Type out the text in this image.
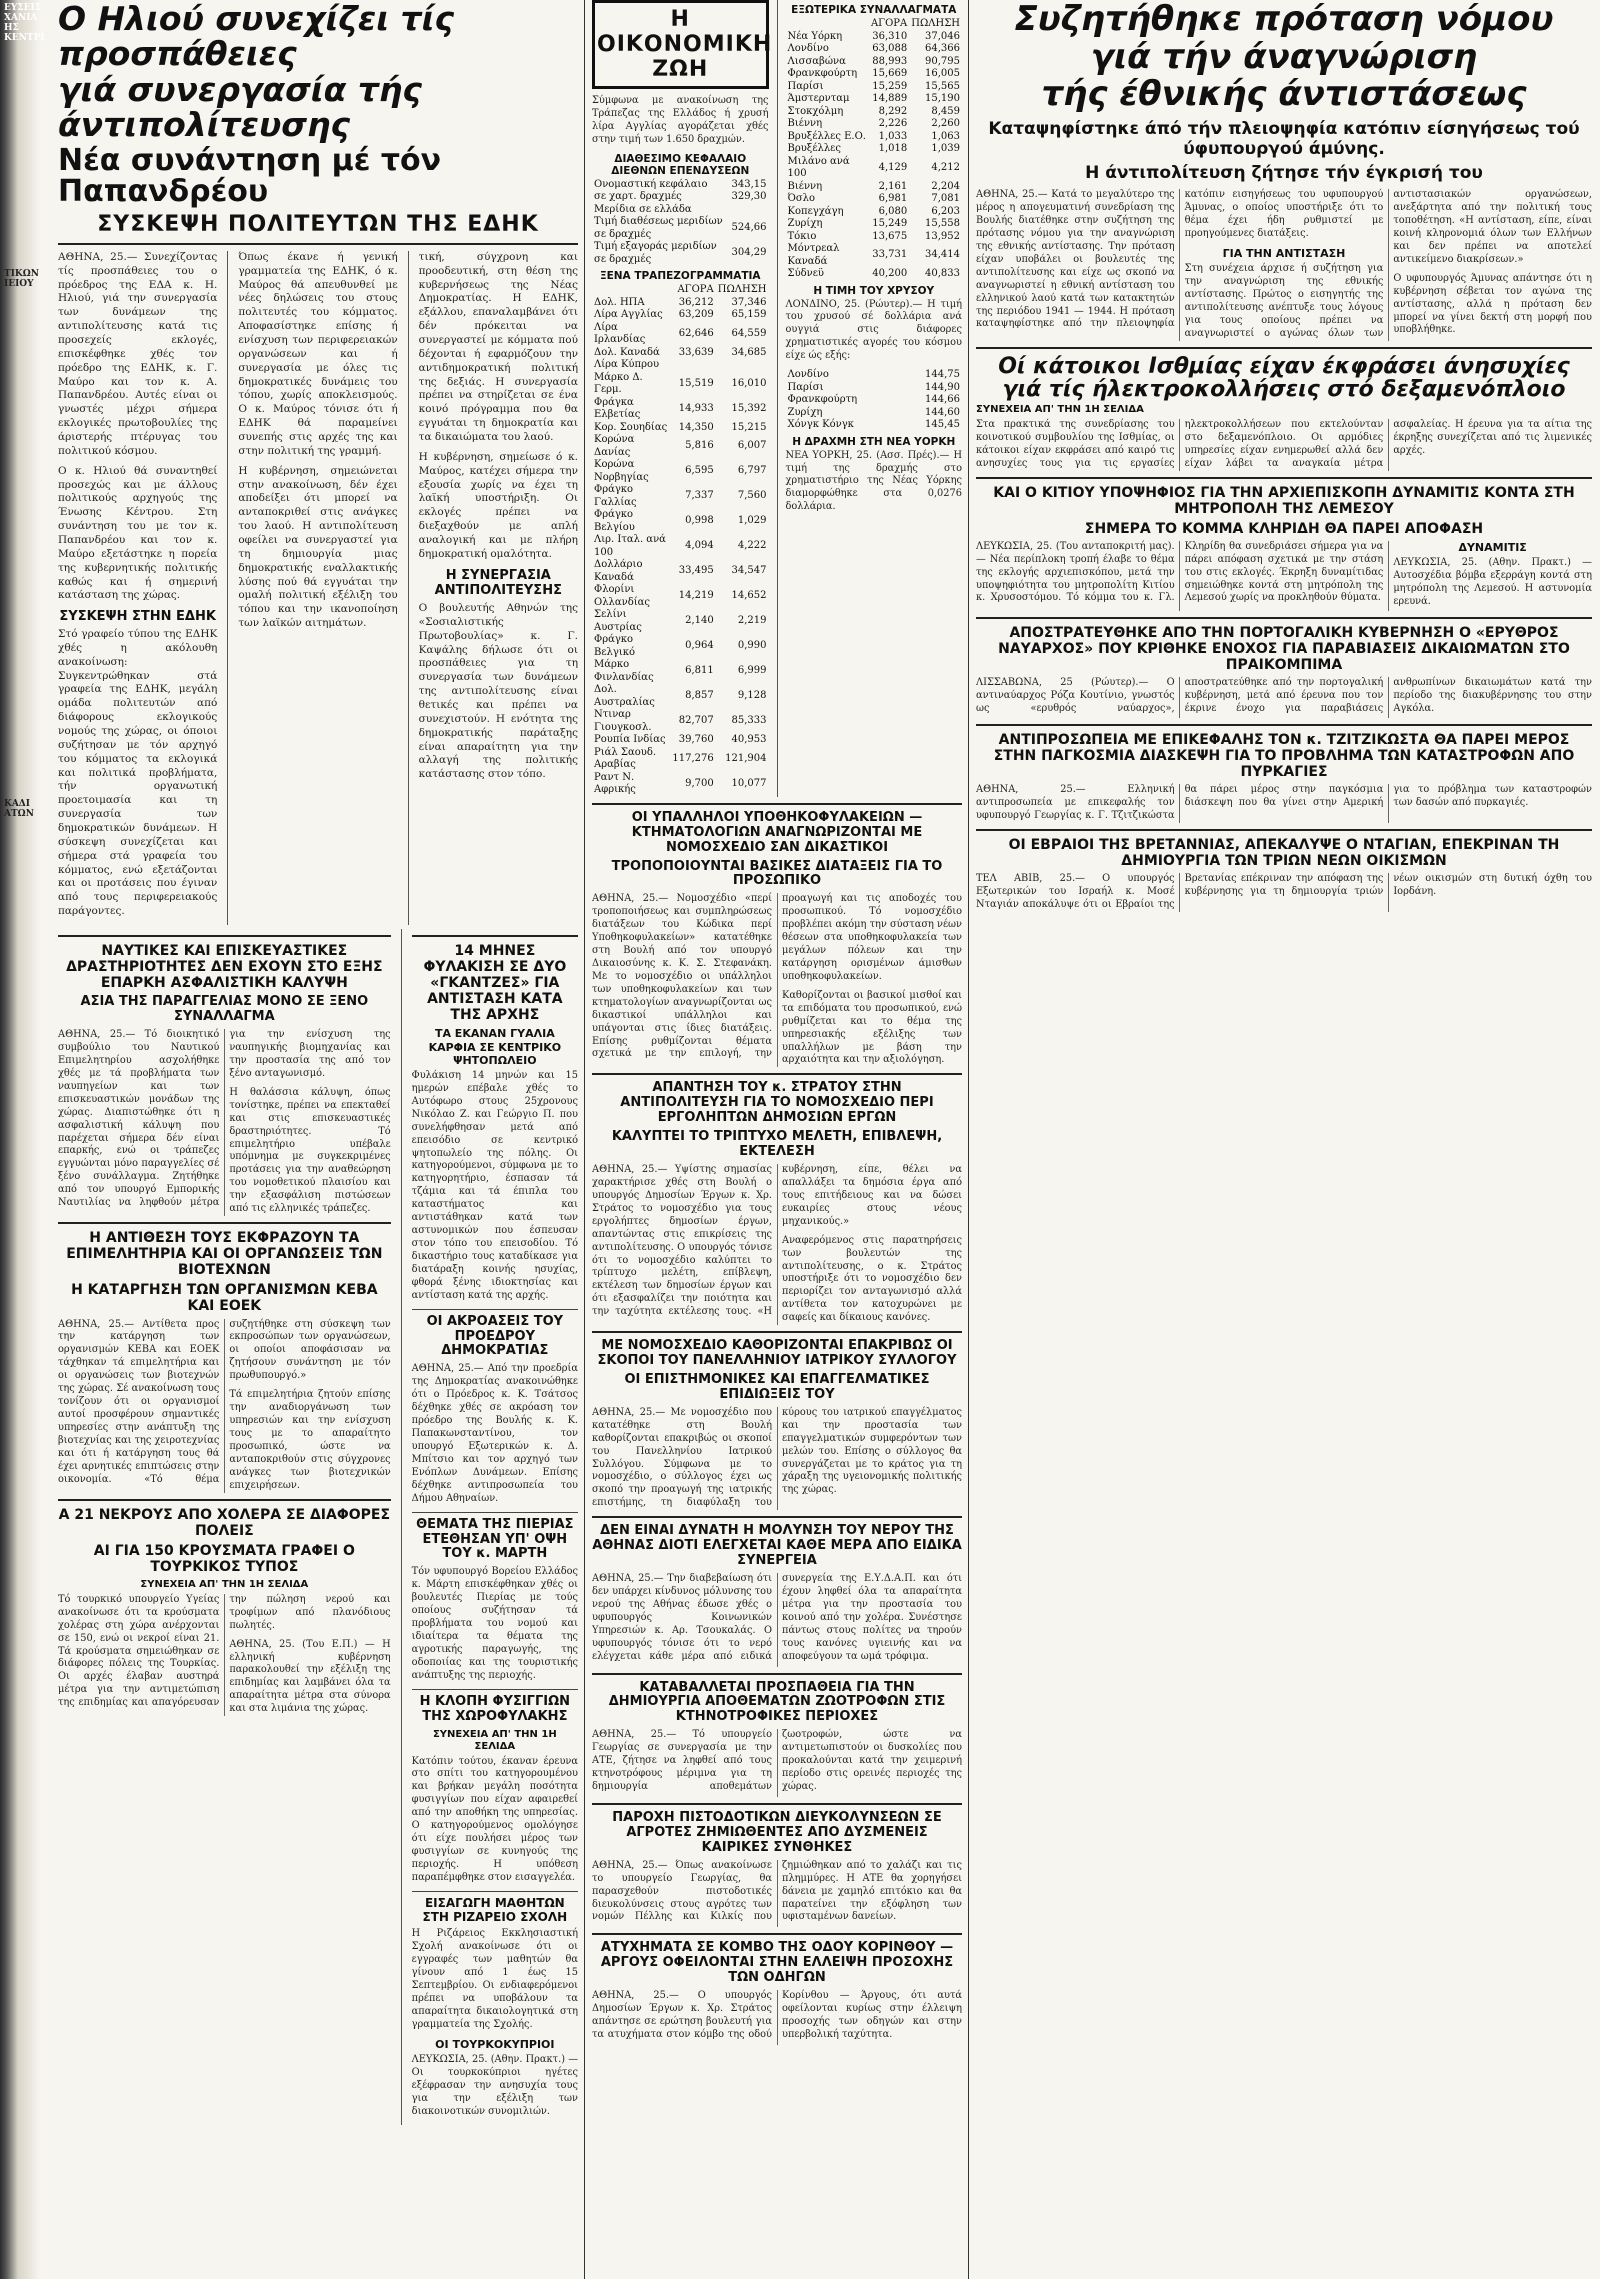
ΕΥΣΕΙΣ
ΧΑΝΙΑ
ΗΣ
ΚΕΝΤΡΙ
ΤΙΚΩΝ
ΙΕΙΟΥ
ΚΑΔΙ
ΑΤΩΝ
Ο Ηλιού συνεχίζει τίς προσπάθειες
γιά συνεργασία τής άντιπολίτευσης
Νέα συνάντηση μέ τόν Παπανδρέου
ΣΥΣΚΕΨΗ ΠΟΛΙΤΕΥΤΩΝ ΤΗΣ ΕΔΗΚ

ΑΘΗΝΑ, 25.— Συνεχίζοντας τίς προσπάθειες του ο πρόεδρος της ΕΔΑ κ. Η. Ηλιού, γιά την συνεργασία των δυνάμεων της αντιπολίτευσης κατά τις προσεχείς εκλογές, επισκέφθηκε χθές τον πρόεδρο της ΕΔΗΚ, κ. Γ. Μαύρο και τον κ. Α. Παπανδρέου. Αυτές είναι οι γνωστές μέχρι σήμερα εκλογικές πρωτοβουλίες της άριστερής πτέρυγας του πολιτικού κόσμου.

Ο κ. Ηλιού θά συναντηθεί προσεχώς και με άλλους πολιτικούς αρχηγούς της Ένωσης Κέντρου. Στη συνάντηση του με τον κ. Παπανδρέου και τον κ. Μαύρο εξετάστηκε η πορεία της κυβερνητικής πολιτικής καθώς και ή σημερινή κατάσταση της χώρας.

ΣΥΣΚΕΨΗ ΣΤΗΝ ΕΔΗΚ

Στό γραφείο τύπου της ΕΔΗΚ χθές η ακόλουθη ανακοίνωση: Συγκεντρώθηκαν στά γραφεία της ΕΔΗΚ, μεγάλη ομάδα πολιτευτών από διάφορους εκλογικούς νομούς της χώρας, οι όποιοι συζήτησαν με τόν αρχηγό του κόμματος τα εκλογικά και πολιτικά προβλήματα, τήν οργανωτική προετοιμασία και τη συνεργασία των δημοκρατικών δυνάμεων. Η σύσκεψη συνεχίζεται και σήμερα στά γραφεία του κόμματος, ενώ εξετάζονται και οι προτάσεις που έγιναν από τους περιφερειακούς παράγοντες.

Όπως έκανε ή γενική γραμματεία της ΕΔΗΚ, ό κ. Μαύρος θά απευθυνθεί με νέες δηλώσεις του στους πολιτευτές του κόμματος. Αποφασίστηκε επίσης ή ενίσχυση των περιφερειακών οργανώσεων και ή συνεργασία με όλες τις δημοκρατικές δυνάμεις του τόπου, χωρίς αποκλεισμούς. Ο κ. Μαύρος τόνισε ότι ή ΕΔΗΚ θά παραμείνει συνεπής στις αρχές της και στην πολιτική της γραμμή.

Η κυβέρνηση, σημειώνεται στην ανακοίνωση, δέν έχει αποδείξει ότι μπορεί να ανταποκριθεί στις ανάγκες του λαού. Η αντιπολίτευση οφείλει να συνεργαστεί για τη δημιουργία μιας δημοκρατικής εναλλακτικής λύσης πού θά εγγυάται την ομαλή πολιτική εξέλιξη του τόπου και την ικανοποίηση των λαϊκών αιτημάτων.

τική, σύγχρονη και προοδευτική, στη θέση της κυβερνήσεως της Νέας Δημοκρατίας. Η ΕΔΗΚ, εξάλλου, επαναλαμβάνει ότι δέν πρόκειται να συνεργαστεί με κόμματα πού δέχονται ή εφαρμόζουν την αντιδημοκρατική πολιτική της δεξιάς. Η συνεργασία πρέπει να στηρίζεται σε ένα κοινό πρόγραμμα που θα εγγυάται τη δημοκρατία και τα δικαιώματα του λαού.

Η κυβέρνηση, σημείωσε ό κ. Μαύρος, κατέχει σήμερα την εξουσία χωρίς να έχει τη λαϊκή υποστήριξη. Οι εκλογές πρέπει να διεξαχθούν με απλή αναλογική και με πλήρη δημοκρατική ομαλότητα.

Η ΣΥΝΕΡΓΑΣΙΑ ΑΝΤΙΠΟΛΙΤΕΥΣΗΣ

Ο βουλευτής Αθηνών της «Σοσιαλιστικής Πρωτοβουλίας» κ. Γ. Καψάλης δήλωσε ότι οι προσπάθειες για τη συνεργασία των δυνάμεων της αντιπολίτευσης είναι θετικές και πρέπει να συνεχιστούν. Η ενότητα της δημοκρατικής παράταξης είναι απαραίτητη για την αλλαγή της πολιτικής κατάστασης στον τόπο.

ΝΑΥΤΙΚΕΣ ΚΑΙ ΕΠΙΣΚΕΥΑΣΤΙΚΕΣ ΔΡΑΣΤΗΡΙΟΤΗΤΕΣ ΔΕΝ ΕΧΟΥΝ ΣΤΟ ΕΞΗΣ ΕΠΑΡΚΗ ΑΣΦΑΛΙΣΤΙΚΗ ΚΑΛΥΨΗ
ΑΣΙΑ ΤΗΣ ΠΑΡΑΓΓΕΛΙΑΣ ΜΟΝΟ ΣΕ ΞΕΝΟ ΣΥΝΑΛΛΑΓΜΑ

ΑΘΗΝΑ, 25.— Τό διοικητικό συμβούλιο του Ναυτικού Επιμελητηρίου ασχολήθηκε χθές με τά προβλήματα των ναυπηγείων και των επισκευαστικών μονάδων της χώρας. Διαπιστώθηκε ότι η ασφαλιστική κάλυψη που παρέχεται σήμερα δέν είναι επαρκής, ενώ οι τράπεζες εγγυώνται μόνο παραγγελίες σέ ξένο συνάλλαγμα. Ζητήθηκε από τον υπουργό Εμπορικής Ναυτιλίας να ληφθούν μέτρα για την ενίσχυση της ναυπηγικής βιομηχανίας και την προστασία της από τον ξένο ανταγωνισμό.

Η θαλάσσια κάλυψη, όπως τονίστηκε, πρέπει να επεκταθεί και στις επισκευαστικές δραστηριότητες. Τό επιμελητήριο υπέβαλε υπόμνημα με συγκεκριμένες προτάσεις για την αναθεώρηση του νομοθετικού πλαισίου και την εξασφάλιση πιστώσεων από τις ελληνικές τράπεζες.

Η ΑΝΤΙΘΕΣΗ ΤΟΥΣ ΕΚΦΡΑΖΟΥΝ ΤΑ ΕΠΙΜΕΛΗΤΗΡΙΑ ΚΑΙ ΟΙ ΟΡΓΑΝΩΣΕΙΣ ΤΩΝ ΒΙΟΤΕΧΝΩΝ
Η ΚΑΤΑΡΓΗΣΗ ΤΩΝ ΟΡΓΑΝΙΣΜΩΝ ΚΕΒΑ ΚΑΙ ΕΟΕΚ

ΑΘΗΝΑ, 25.— Αντίθετα προς την κατάργηση των οργανισμών ΚΕΒΑ και ΕΟΕΚ τάχθηκαν τά επιμελητήρια και οι οργανώσεις των βιοτεχνών της χώρας. Σέ ανακοίνωση τους τονίζουν ότι οι οργανισμοί αυτοί προσφέρουν σημαντικές υπηρεσίες στην ανάπτυξη της βιοτεχνίας και της χειροτεχνίας και ότι ή κατάργηση τους θά έχει αρνητικές επιπτώσεις στην οικονομία. «Τό θέμα συζητήθηκε στη σύσκεψη των εκπροσώπων των οργανώσεων, οι οποίοι αποφάσισαν να ζητήσουν συνάντηση με τόν πρωθυπουργό.»

Τά επιμελητήρια ζητούν επίσης την αναδιοργάνωση των υπηρεσιών και την ενίσχυση τους με το απαραίτητο προσωπικό, ώστε να ανταποκριθούν στις σύγχρονες ανάγκες των βιοτεχνικών επιχειρήσεων.

Α 21 ΝΕΚΡΟΥΣ ΑΠΟ ΧΟΛΕΡΑ ΣΕ ΔΙΑΦΟΡΕΣ ΠΟΛΕΙΣ
ΑΙ ΓΙΑ 150 ΚΡΟΥΣΜΑΤΑ ΓΡΑΦΕΙ Ο ΤΟΥΡΚΙΚΟΣ ΤΥΠΟΣ
ΣΥΝΕΧΕΙΑ ΑΠ' ΤΗΝ 1Η ΣΕΛΙΔΑ

Τό τουρκικό υπουργείο Υγείας ανακοίνωσε ότι τα κρούσματα χολέρας στη χώρα ανέρχονται σε 150, ενώ οι νεκροί είναι 21. Τά κρούσματα σημειώθηκαν σε διάφορες πόλεις της Τουρκίας. Οι αρχές έλαβαν αυστηρά μέτρα για την αντιμετώπιση της επιδημίας και απαγόρευσαν την πώληση νερού και τροφίμων από πλανόδιους πωλητές.

ΑΘΗΝΑ, 25. (Του Ε.Π.) — Η ελληνική κυβέρνηση παρακολουθεί την εξέλιξη της επιδημίας και λαμβάνει όλα τα απαραίτητα μέτρα στα σύνορα και στα λιμάνια της χώρας.

14 ΜΗΝΕΣ ΦΥΛΑΚΙΣΗ ΣΕ ΔΥΟ «ΓΚΑΝΤΖΕΣ» ΓΙΑ ΑΝΤΙΣΤΑΣΗ ΚΑΤΑ ΤΗΣ ΑΡΧΗΣ
ΤΑ ΕΚΑΝΑΝ ΓΥΑΛΙΑ ΚΑΡΦΙΑ ΣΕ ΚΕΝΤΡΙΚΟ ΨΗΤΟΠΩΛΕΙΟ

Φυλάκιση 14 μηνών και 15 ημερών επέβαλε χθές το Αυτόφωρο στους 25χρονους Νικόλαο Ζ. και Γεώργιο Π. που συνελήφθησαν μετά από επεισόδιο σε κεντρικό ψητοπωλείο της πόλης. Οι κατηγορούμενοι, σύμφωνα με το κατηγορητήριο, έσπασαν τά τζάμια και τά έπιπλα του καταστήματος και αντιστάθηκαν κατά των αστυνομικών που έσπευσαν στον τόπο του επεισοδίου. Τό δικαστήριο τους καταδίκασε για διατάραξη κοινής ησυχίας, φθορά ξένης ιδιοκτησίας και αντίσταση κατά της αρχής.

ΟΙ ΑΚΡΟΑΣΕΙΣ ΤΟΥ ΠΡΟΕΔΡΟΥ ΔΗΜΟΚΡΑΤΙΑΣ

ΑΘΗΝΑ, 25.— Από την προεδρία της Δημοκρατίας ανακοινώθηκε ότι ο Πρόεδρος κ. Κ. Τσάτσος δέχθηκε χθές σε ακρόαση τον πρόεδρο της Βουλής κ. Κ. Παπακωνσταντίνου, τον υπουργό Εξωτερικών κ. Δ. Μπίτσιο και τον αρχηγό των Ενόπλων Δυνάμεων. Επίσης δέχθηκε αντιπροσωπεία του Δήμου Αθηναίων.

ΘΕΜΑΤΑ ΤΗΣ ΠΙΕΡΙΑΣ ΕΤΕΘΗΣΑΝ ΥΠ' ΟΨΗ ΤΟΥ κ. ΜΑΡΤΗ

Τόν υφυπουργό Βορείου Ελλάδος κ. Μάρτη επισκέφθηκαν χθές οι βουλευτές Πιερίας με τούς οποίους συζήτησαν τά προβλήματα του νομού και ιδιαίτερα τα θέματα της αγροτικής παραγωγής, της οδοποιίας και της τουριστικής ανάπτυξης της περιοχής.

Η ΚΛΟΠΗ ΦΥΣΙΓΓΙΩΝ ΤΗΣ ΧΩΡΟΦΥΛΑΚΗΣ
ΣΥΝΕΧΕΙΑ ΑΠ' ΤΗΝ 1Η ΣΕΛΙΔΑ

Κατόπιν τούτου, έκαναν έρευνα στο σπίτι του κατηγορουμένου και βρήκαν μεγάλη ποσότητα φυσιγγίων που είχαν αφαιρεθεί από την αποθήκη της υπηρεσίας. Ο κατηγορούμενος ομολόγησε ότι είχε πουλήσει μέρος των φυσιγγίων σε κυνηγούς της περιοχής. Η υπόθεση παραπέμφθηκε στον εισαγγελέα.

ΕΙΣΑΓΩΓΗ ΜΑΘΗΤΩΝ ΣΤΗ ΡΙΖΑΡΕΙΟ ΣΧΟΛΗ

Η Ριζάρειος Εκκλησιαστική Σχολή ανακοίνωσε ότι οι εγγραφές των μαθητών θα γίνουν από 1 έως 15 Σεπτεμβρίου. Οι ενδιαφερόμενοι πρέπει να υποβάλουν τα απαραίτητα δικαιολογητικά στη γραμματεία της Σχολής.

ΟΙ ΤΟΥΡΚΟΚΥΠΡΙΟΙ

ΛΕΥΚΩΣΙΑ, 25. (Αθην. Πρακτ.) — Οι τουρκοκύπριοι ηγέτες εξέφρασαν την ανησυχία τους για την εξέλιξη των διακοινοτικών συνομιλιών.

Η ΟΙΚΟΝΟΜΙΚΗ ΖΩΗ

Σύμφωνα με ανακοίνωση της Τράπεζας της Ελλάδος ή χρυσή λίρα Αγγλίας αγοράζεται χθές στην τιμή των 1.650 δραχμών.

ΔΙΑΘΕΣΙΜΟ ΚΕΦΑΛΑΙΟ ΔΙΕΘΝΩΝ ΕΠΕΝΔΥΣΕΩΝ
Ονομαστική κεφάλαιο	343,15
σε χαρτ. δραχμές	329,30
Μερίδια σε ελλάδα	
Τιμή διαθέσεως μεριδίων σε δραχμές	524,66
Τιμή εξαγοράς μεριδίων σε δραχμές	304,29
ΞΕΝΑ ΤΡΑΠΕΖΟΓΡΑΜΜΑΤΙΑ
	ΑΓΟΡΑ	ΠΩΛΗΣΗ
Δολ. ΗΠΑ	36,212	37,346
Λίρα Αγγλίας	63,209	65,159
Λίρα Ιρλανδίας	62,646	64,559
Δολ. Καναδά	33,639	34,685
Λίρα Κύπρου		
Μάρκο Δ. Γερμ.	15,519	16,010
Φράγκα Ελβετίας	14,933	15,392
Κορ. Σουηδίας	14,350	15,215
Κορώνα Δανίας	5,816	6,007
Κορώνα Νορβηγίας	6,595	6,797
Φράγκο Γαλλίας	7,337	7,560
Φράγκο Βελγίου	0,998	1,029
Λιρ. Ιταλ. ανά 100	4,094	4,222
Δολλάριο Καναδά	33,495	34,547
Φλορίνι Ολλανδίας	14,219	14,652
Σελίνι Αυστρίας	2,140	2,219
Φράγκο Βελγικό	0,964	0,990
Μάρκο Φινλανδίας	6,811	6,999
Δολ. Αυστραλίας	8,857	9,128
Ντιναρ Γιουγκοσλ.	82,707	85,333
Ρουπία Ινδίας	39,760	40,953
Ριάλ Σαουδ. Αραβίας	117,276	121,904
Ραντ Ν. Αφρικής	9,700	10,077
ΕΞΩΤΕΡΙΚΑ ΣΥΝΑΛΛΑΓΜΑΤΑ
	ΑΓΟΡΑ	ΠΩΛΗΣΗ
Νέα Υόρκη	36,310	37,046
Λονδίνο	63,088	64,366
Λισσαβώνα	88,993	90,795
Φρανκφούρτη	15,669	16,005
Παρίσι	15,259	15,565
Άμστερνταμ	14,889	15,190
Στοκχόλμη	8,292	8,459
Βιέννη	2,226	2,260
Βρυξέλλες Ε.Ο.	1,033	1,063
Βρυξέλλες	1,018	1,039
Μιλάνο ανά 100	4,129	4,212
Βιέννη	2,161	2,204
Όσλο	6,981	7,081
Κοπεγχάγη	6,080	6,203
Ζυρίχη	15,249	15,558
Τόκιο	13,675	13,952
Μόντρεαλ Καναδά	33,731	34,414
Σύδνεϋ	40,200	40,833
Η ΤΙΜΗ ΤΟΥ ΧΡΥΣΟΥ

ΛΟΝΔΙΝΟ, 25. (Ρώυτερ).— Η τιμή του χρυσού σέ δολλάρια ανά ουγγιά στις διάφορες χρηματιστικές αγορές του κόσμου είχε ώς εξής:

Λονδίνο	144,75
Παρίσι	144,90
Φρανκφούρτη	144,66
Ζυρίχη	144,60
Χόνγκ Κόνγκ	145,45
Η ΔΡΑΧΜΗ ΣΤΗ ΝΕΑ ΥΟΡΚΗ

ΝΕΑ ΥΟΡΚΗ, 25. (Ασσ. Πρές).— Η τιμή της δραχμής στο χρηματιστήριο της Νέας Υόρκης διαμορφώθηκε στα 0,0276 δολλάρια.

ΟΙ ΥΠΑΛΛΗΛΟΙ ΥΠΟΘΗΚΟΦΥΛΑΚΕΙΩΝ — ΚΤΗΜΑΤΟΛΟΓΙΩΝ ΑΝΑΓΝΩΡΙΖΟΝΤΑΙ ΜΕ ΝΟΜΟΣΧΕΔΙΟ ΣΑΝ ΔΙΚΑΣΤΙΚΟΙ
ΤΡΟΠΟΠΟΙΟΥΝΤΑΙ ΒΑΣΙΚΕΣ ΔΙΑΤΑΞΕΙΣ ΓΙΑ ΤΟ ΠΡΟΣΩΠΙΚΟ

ΑΘΗΝΑ, 25.— Νομοσχέδιο «περί τροποποιήσεως και συμπληρώσεως διατάξεων του Κώδικα περί Υποθηκοφυλακείων» κατατέθηκε στη Βουλή από τον υπουργό Δικαιοσύνης κ. Κ. Σ. Στεφανάκη. Με το νομοσχέδιο οι υπάλληλοι των υποθηκοφυλακείων και των κτηματολογίων αναγνωρίζονται ως δικαστικοί υπάλληλοι και υπάγονται στις ίδιες διατάξεις. Επίσης ρυθμίζονται θέματα σχετικά με την επιλογή, την προαγωγή και τις αποδοχές του προσωπικού. Τό νομοσχέδιο προβλέπει ακόμη την σύσταση νέων θέσεων στα υποθηκοφυλακεία των μεγάλων πόλεων και την κατάργηση ορισμένων άμισθων υποθηκοφυλακείων.

Καθορίζονται οι βασικοί μισθοί και τα επιδόματα του προσωπικού, ενώ ρυθμίζεται και το θέμα της υπηρεσιακής εξέλιξης των υπαλλήλων με βάση την αρχαιότητα και την αξιολόγηση.

ΑΠΑΝΤΗΣΗ ΤΟΥ κ. ΣΤΡΑΤΟΥ ΣΤΗΝ ΑΝΤΙΠΟΛΙΤΕΥΣΗ ΓΙΑ ΤΟ ΝΟΜΟΣΧΕΔΙΟ ΠΕΡΙ ΕΡΓΟΛΗΠΤΩΝ ΔΗΜΟΣΙΩΝ ΕΡΓΩΝ
ΚΑΛΥΠΤΕΙ ΤΟ ΤΡΙΠΤΥΧΟ ΜΕΛΕΤΗ, ΕΠΙΒΛΕΨΗ, ΕΚΤΕΛΕΣΗ

ΑΘΗΝΑ, 25.— Υψίστης σημασίας χαρακτήρισε χθές στη Βουλή ο υπουργός Δημοσίων Έργων κ. Χρ. Στράτος το νομοσχέδιο για τους εργολήπτες δημοσίων έργων, απαντώντας στις επικρίσεις της αντιπολίτευσης. Ο υπουργός τόνισε ότι το νομοσχέδιο καλύπτει το τρίπτυχο μελέτη, επίβλεψη, εκτέλεση των δημοσίων έργων και ότι εξασφαλίζει την ποιότητα και την ταχύτητα εκτέλεσης τους. «Η κυβέρνηση, είπε, θέλει να απαλλάξει τα δημόσια έργα από τους επιτήδειους και να δώσει ευκαιρίες στους νέους μηχανικούς.»

Αναφερόμενος στις παρατηρήσεις των βουλευτών της αντιπολίτευσης, ο κ. Στράτος υποστήριξε ότι το νομοσχέδιο δεν περιορίζει τον ανταγωνισμό αλλά αντίθετα τον κατοχυρώνει με σαφείς και δίκαιους κανόνες.

ΜΕ ΝΟΜΟΣΧΕΔΙΟ ΚΑΘΟΡΙΖΟΝΤΑΙ ΕΠΑΚΡΙΒΩΣ ΟΙ ΣΚΟΠΟΙ ΤΟΥ ΠΑΝΕΛΛΗΝΙΟΥ ΙΑΤΡΙΚΟΥ ΣΥΛΛΟΓΟΥ
ΟΙ ΕΠΙΣΤΗΜΟΝΙΚΕΣ ΚΑΙ ΕΠΑΓΓΕΛΜΑΤΙΚΕΣ ΕΠΙΔΙΩΞΕΙΣ ΤΟΥ

ΑΘΗΝΑ, 25.— Με νομοσχέδιο που κατατέθηκε στη Βουλή καθορίζονται επακριβώς οι σκοποί του Πανελληνίου Ιατρικού Συλλόγου. Σύμφωνα με το νομοσχέδιο, ο σύλλογος έχει ως σκοπό την προαγωγή της ιατρικής επιστήμης, τη διαφύλαξη του κύρους του ιατρικού επαγγέλματος και την προστασία των επαγγελματικών συμφερόντων των μελών του. Επίσης ο σύλλογος θα συνεργάζεται με το κράτος για τη χάραξη της υγειονομικής πολιτικής της χώρας.

ΔΕΝ ΕΙΝΑΙ ΔΥΝΑΤΗ Η ΜΟΛΥΝΣΗ ΤΟΥ ΝΕΡΟΥ ΤΗΣ ΑΘΗΝΑΣ ΔΙΟΤΙ ΕΛΕΓΧΕΤΑΙ ΚΑΘΕ ΜΕΡΑ ΑΠΟ ΕΙΔΙΚΑ ΣΥΝΕΡΓΕΙΑ

ΑΘΗΝΑ, 25.— Την διαβεβαίωση ότι δεν υπάρχει κίνδυνος μόλυνσης του νερού της Αθήνας έδωσε χθές ο υφυπουργός Κοινωνικών Υπηρεσιών κ. Αρ. Τσουκαλάς. Ο υφυπουργός τόνισε ότι το νερό ελέγχεται κάθε μέρα από ειδικά συνεργεία της Ε.Υ.Δ.Α.Π. και ότι έχουν ληφθεί όλα τα απαραίτητα μέτρα για την προστασία του κοινού από την χολέρα. Συνέστησε πάντως στους πολίτες να τηρούν τους κανόνες υγιεινής και να αποφεύγουν τα ωμά τρόφιμα.

ΚΑΤΑΒΑΛΛΕΤΑΙ ΠΡΟΣΠΑΘΕΙΑ ΓΙΑ ΤΗΝ ΔΗΜΙΟΥΡΓΙΑ ΑΠΟΘΕΜΑΤΩΝ ΖΩΟΤΡΟΦΩΝ ΣΤΙΣ ΚΤΗΝΟΤΡΟΦΙΚΕΣ ΠΕΡΙΟΧΕΣ

ΑΘΗΝΑ, 25.— Τό υπουργείο Γεωργίας σε συνεργασία με την ΑΤΕ, ζήτησε να ληφθεί από τους κτηνοτρόφους μέριμνα για τη δημιουργία αποθεμάτων ζωοτροφών, ώστε να αντιμετωπιστούν οι δυσκολίες που προκαλούνται κατά την χειμερινή περίοδο στις ορεινές περιοχές της χώρας.

ΠΑΡΟΧΗ ΠΙΣΤΟΔΟΤΙΚΩΝ ΔΙΕΥΚΟΛΥΝΣΕΩΝ ΣΕ ΑΓΡΟΤΕΣ ΖΗΜΙΩΘΕΝΤΕΣ ΑΠΟ ΔΥΣΜΕΝΕΙΣ ΚΑΙΡΙΚΕΣ ΣΥΝΘΗΚΕΣ

ΑΘΗΝΑ, 25.— Όπως ανακοίνωσε το υπουργείο Γεωργίας, θα παρασχεθούν πιστοδοτικές διευκολύνσεις στους αγρότες των νομών Πέλλης και Κιλκίς που ζημιώθηκαν από το χαλάζι και τις πλημμύρες. Η ΑΤΕ θα χορηγήσει δάνεια με χαμηλό επιτόκιο και θα παρατείνει την εξόφληση των υφισταμένων δανείων.

ΑΤΥΧΗΜΑΤΑ ΣΕ ΚΟΜΒΟ ΤΗΣ ΟΔΟΥ ΚΟΡΙΝΘΟΥ — ΑΡΓΟΥΣ ΟΦΕΙΛΟΝΤΑΙ ΣΤΗΝ ΕΛΛΕΙΨΗ ΠΡΟΣΟΧΗΣ ΤΩΝ ΟΔΗΓΩΝ

ΑΘΗΝΑ, 25.— Ο υπουργός Δημοσίων Έργων κ. Χρ. Στράτος απάντησε σε ερώτηση βουλευτή για τα ατυχήματα στον κόμβο της οδού Κορίνθου — Άργους, ότι αυτά οφείλονται κυρίως στην έλλειψη προσοχής των οδηγών και στην υπερβολική ταχύτητα.

Συζητήθηκε πρόταση νόμου
γιά τήν άναγνώριση
τής έθνικής άντιστάσεως
Καταψηφίστηκε άπό τήν πλειοψηφία κατόπιν είσηγήσεως τού ύφυπουργού άμύνης.
Η άντιπολίτευση ζήτησε τήν έγκρισή του

ΑΘΗΝΑ, 25.— Κατά το μεγαλύτερο της μέρος η απογευματινή συνεδρίαση της Βουλής διατέθηκε στην συζήτηση της πρότασης νόμου για την αναγνώριση της εθνικής αντίστασης. Την πρόταση είχαν υποβάλει οι βουλευτές της αντιπολίτευσης και είχε ως σκοπό να αναγνωριστεί η εθνική αντίσταση του ελληνικού λαού κατά των κατακτητών της περιόδου 1941 — 1944. Η πρόταση καταψηφίστηκε από την πλειοψηφία κατόπιν εισηγήσεως του υφυπουργού Άμυνας, ο οποίος υποστήριξε ότι το θέμα έχει ήδη ρυθμιστεί με προηγούμενες διατάξεις.

ΓΙΑ ΤΗΝ ΑΝΤΙΣΤΑΣΗ

Στη συνέχεια άρχισε ή συζήτηση για την αναγνώριση της εθνικής αντίστασης. Πρώτος ο εισηγητής της αντιπολίτευσης ανέπτυξε τους λόγους για τους οποίους πρέπει να αναγνωριστεί ο αγώνας όλων των αντιστασιακών οργανώσεων, ανεξάρτητα από την πολιτική τους τοποθέτηση. «Η αντίσταση, είπε, είναι κοινή κληρονομιά όλων των Ελλήνων και δεν πρέπει να αποτελεί αντικείμενο διακρίσεων.»

Ο υφυπουργός Άμυνας απάντησε ότι η κυβέρνηση σέβεται τον αγώνα της αντίστασης, αλλά η πρόταση δεν μπορεί να γίνει δεκτή στη μορφή που υποβλήθηκε.

Οί κάτοικοι Ισθμίας είχαν έκφράσει άνησυχίες γιά τίς ήλεκτροκολλήσεις στό δεξαμενόπλοιο
ΣΥΝΕΧΕΙΑ ΑΠ' ΤΗΝ 1Η ΣΕΛΙΔΑ

Στα πρακτικά της συνεδρίασης του κοινοτικού συμβουλίου της Ισθμίας, οι κάτοικοι είχαν εκφράσει από καιρό τις ανησυχίες τους για τις εργασίες ηλεκτροκολλήσεων που εκτελούνταν στο δεξαμενόπλοιο. Οι αρμόδιες υπηρεσίες είχαν ενημερωθεί αλλά δεν είχαν λάβει τα αναγκαία μέτρα ασφαλείας. Η έρευνα για τα αίτια της έκρηξης συνεχίζεται από τις λιμενικές αρχές.

ΚΑΙ Ο ΚΙΤΙΟΥ ΥΠΟΨΗΦΙΟΣ ΓΙΑ ΤΗΝ ΑΡΧΙΕΠΙΣΚΟΠΗ ΔΥΝΑΜΙΤΙΣ ΚΟΝΤΑ ΣΤΗ ΜΗΤΡΟΠΟΛΗ ΤΗΣ ΛΕΜΕΣΟΥ
ΣΗΜΕΡΑ ΤΟ ΚΟΜΜΑ ΚΛΗΡΙΔΗ ΘΑ ΠΑΡΕΙ ΑΠΟΦΑΣΗ

ΛΕΥΚΩΣΙΑ, 25. (Του ανταποκριτή μας).— Νέα περίπλοκη τροπή έλαβε το θέμα της εκλογής αρχιεπισκόπου, μετά την υποψηφιότητα του μητροπολίτη Κιτίου κ. Χρυσοστόμου. Τό κόμμα του κ. Γλ. Κληρίδη θα συνεδριάσει σήμερα για να πάρει απόφαση σχετικά με την στάση του στις εκλογές. Έκρηξη δυναμίτιδας σημειώθηκε κοντά στη μητρόπολη της Λεμεσού χωρίς να προκληθούν θύματα.

ΔΥΝΑΜΙΤΙΣ

ΛΕΥΚΩΣΙΑ, 25. (Αθην. Πρακτ.) — Αυτοσχέδια βόμβα εξερράγη κοντά στη μητρόπολη της Λεμεσού. Η αστυνομία ερευνά.

ΑΠΟΣΤΡΑΤΕΥΘΗΚΕ ΑΠΟ ΤΗΝ ΠΟΡΤΟΓΑΛΙΚΗ ΚΥΒΕΡΝΗΣΗ Ο «ΕΡΥΘΡΟΣ ΝΑΥΑΡΧΟΣ» ΠΟΥ ΚΡΙΘΗΚΕ ΕΝΟΧΟΣ ΓΙΑ ΠΑΡΑΒΙΑΣΕΙΣ ΔΙΚΑΙΩΜΑΤΩΝ ΣΤΟ ΠΡΑΙΚΟΜΠΙΜΑ

ΛΙΣΣΑΒΩΝΑ, 25 (Ρώυτερ).— Ο αντιναύαρχος Ρόζα Κουτίνιο, γνωστός ως «ερυθρός ναύαρχος», αποστρατεύθηκε από την πορτογαλική κυβέρνηση, μετά από έρευνα που τον έκρινε ένοχο για παραβιάσεις ανθρωπίνων δικαιωμάτων κατά την περίοδο της διακυβέρνησης του στην Αγκόλα.

ΑΝΤΙΠΡΟΣΩΠΕΙΑ ΜΕ ΕΠΙΚΕΦΑΛΗΣ ΤΟΝ κ. ΤΖΙΤΖΙΚΩΣΤΑ ΘΑ ΠΑΡΕΙ ΜΕΡΟΣ ΣΤΗΝ ΠΑΓΚΟΣΜΙΑ ΔΙΑΣΚΕΨΗ ΓΙΑ ΤΟ ΠΡΟΒΛΗΜΑ ΤΩΝ ΚΑΤΑΣΤΡΟΦΩΝ ΑΠΟ ΠΥΡΚΑΓΙΕΣ

ΑΘΗΝΑ, 25.— Ελληνική αντιπροσωπεία με επικεφαλής τον υφυπουργό Γεωργίας κ. Γ. Τζιτζικώστα θα πάρει μέρος στην παγκόσμια διάσκεψη που θα γίνει στην Αμερική για το πρόβλημα των καταστροφών των δασών από πυρκαγιές.

ΟΙ ΕΒΡΑΙΟΙ ΤΗΣ ΒΡΕΤΑΝΝΙΑΣ, ΑΠΕΚΑΛΥΨΕ Ο ΝΤΑΓΙΑΝ, ΕΠΕΚΡΙΝΑΝ ΤΗ ΔΗΜΙΟΥΡΓΙΑ ΤΩΝ ΤΡΙΩΝ ΝΕΩΝ ΟΙΚΙΣΜΩΝ

ΤΕΛ ΑΒΙΒ, 25.— Ο υπουργός Εξωτερικών του Ισραήλ κ. Μοσέ Νταγιάν αποκάλυψε ότι οι Εβραίοι της Βρετανίας επέκριναν την απόφαση της κυβέρνησης για τη δημιουργία τριών νέων οικισμών στη δυτική όχθη του Ιορδάνη.
